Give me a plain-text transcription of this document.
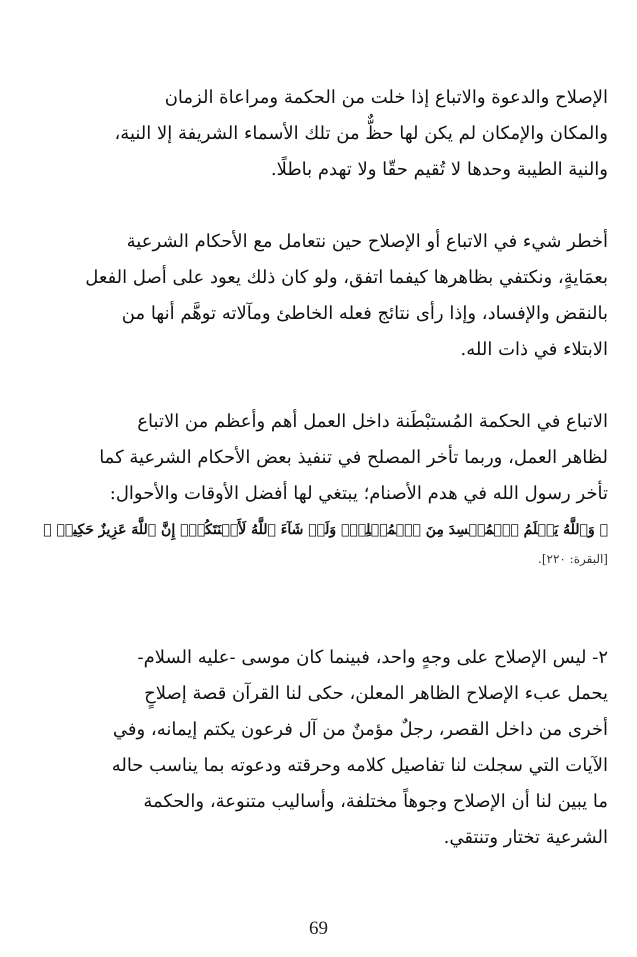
الإصلاح والدعوة والاتباع إذا خلت من الحكمة ومراعاة الزمان
والمكان والإمكان لم يكن لها حظٌّ من تلك الأسماء الشريفة إلا النية،
والنية الطيبة وحدها لا تُقيم حقّا ولا تهدم باطلًا.
أخطر شيء في الاتباع أو الإصلاح حين نتعامل مع الأحكام الشرعية
بعمَايةٍ، ونكتفي بظاهرها كيفما اتفق، ولو كان ذلك يعود على أصل الفعل
بالنقض والإفساد، وإذا رأى نتائج فعله الخاطئ ومآلاته توهَّم أنها من
الابتلاء في ذات الله.
الاتباع في الحكمة المُستبْطَنة داخل العمل أهم وأعظم من الاتباع
لظاهر العمل، وربما تأخر المصلح في تنفيذ بعض الأحكام الشرعية كما
تأخر رسول الله في هدم الأصنام؛ يبتغي لها أفضل الأوقات والأحوال:
﴿ وَٱللَّهُ يَعۡلَمُ ٱلۡمُفۡسِدَ مِنَ ٱلۡمُصۡلِحِۚ وَلَوۡ شَآءَ ٱللَّهُ لَأَعۡنَتَكُمۡۚ إِنَّ ٱللَّهَ عَزِيزٌ حَكِيمٞ ﴾
[البقرة: ٢٢٠].
٢- ليس الإصلاح على وجهٍ واحد، فبينما كان موسى -عليه السلام-
يحمل عبء الإصلاح الظاهر المعلن، حكى لنا القرآن قصة إصلاحٍ
أخرى من داخل القصر، رجلٌ مؤمنٌ من آل فرعون يكتم إيمانه، وفي
الآيات التي سجلت لنا تفاصيل كلامه وحرقته ودعوته بما يناسب حاله
ما يبين لنا أن الإصلاح وجوهاً مختلفة، وأساليب متنوعة، والحكمة
الشرعية تختار وتنتقي.
69
